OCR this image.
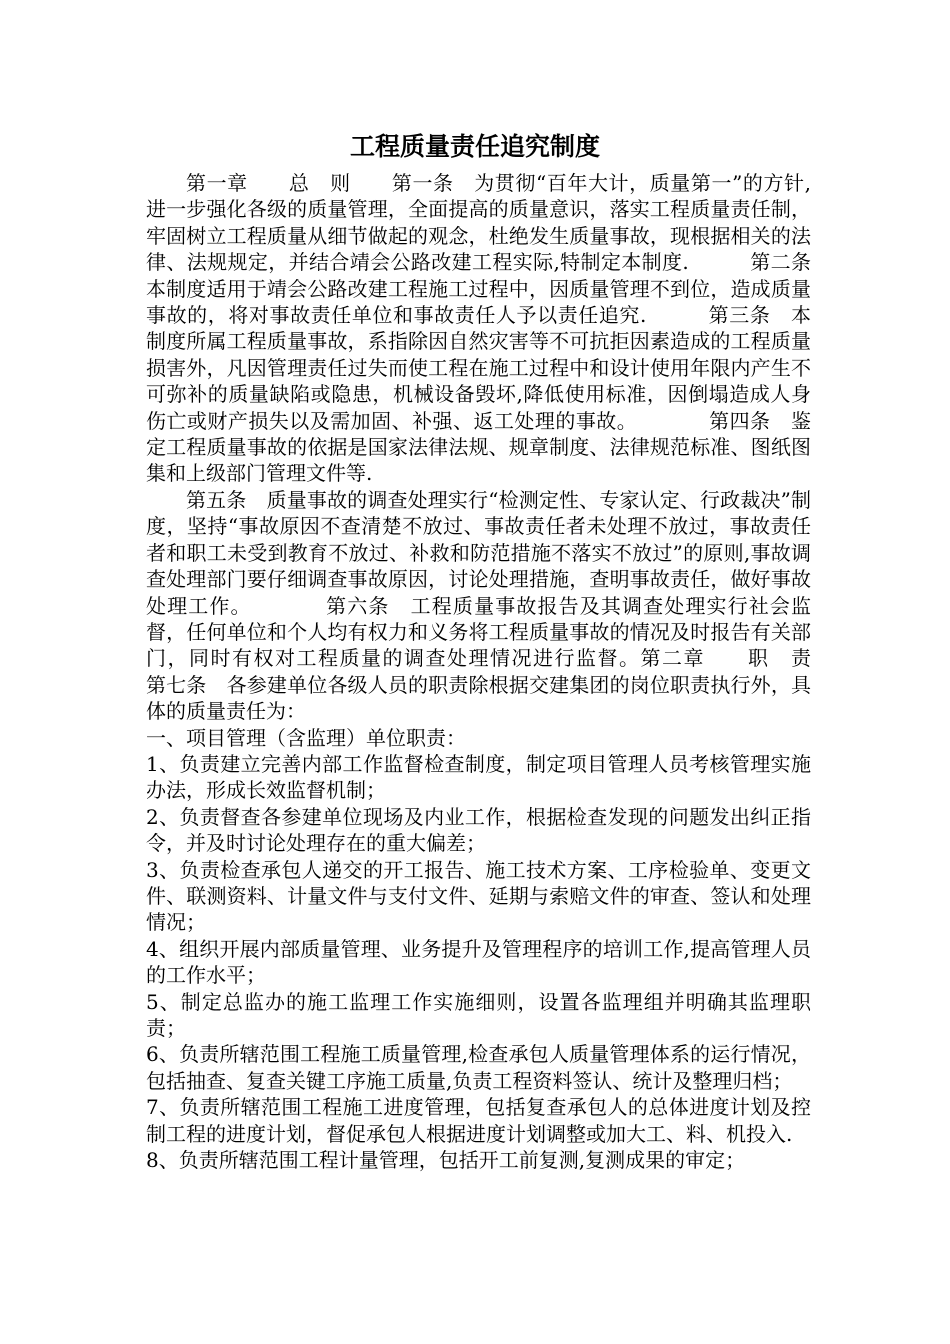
工程质量责任追究制度

第一章　　总　则　　第一条　为贯彻“百年大计，质量第一”的方针,进一步强化各级的质量管理，全面提高的质量意识，落实工程质量责任制，牢固树立工程质量从细节做起的观念，杜绝发生质量事故，现根据相关的法律、法规规定，并结合靖会公路改建工程实际,特制定本制度.　　　第二条　本制度适用于靖会公路改建工程施工过程中，因质量管理不到位，造成质量事故的，将对事故责任单位和事故责任人予以责任追究.　　　第三条　本制度所属工程质量事故，系指除因自然灾害等不可抗拒因素造成的工程质量损害外，凡因管理责任过失而使工程在施工过程中和设计使用年限内产生不可弥补的质量缺陷或隐患，机械设备毁坏,降低使用标准，因倒塌造成人身伤亡或财产损失以及需加固、补强、返工处理的事故。　　　　第四条　鉴定工程质量事故的依据是国家法律法规、规章制度、法律规范标准、图纸图集和上级部门管理文件等.

第五条　质量事故的调查处理实行“检测定性、专家认定、行政裁决”制度，坚持“事故原因不查清楚不放过、事故责任者未处理不放过，事故责任者和职工未受到教育不放过、补救和防范措施不落实不放过”的原则,事故调查处理部门要仔细调查事故原因，讨论处理措施，查明事故责任，做好事故处理工作。　　　　第六条　工程质量事故报告及其调查处理实行社会监督，任何单位和个人均有权力和义务将工程质量事故的情况及时报告有关部门，同时有权对工程质量的调查处理情况进行监督。第二章　　职　责　　　　第七条　各参建单位各级人员的职责除根据交建集团的岗位职责执行外，具体的质量责任为：

一、项目管理（含监理）单位职责：

1、负责建立完善内部工作监督检查制度，制定项目管理人员考核管理实施办法，形成长效监督机制；

2、负责督查各参建单位现场及内业工作，根据检查发现的问题发出纠正指令，并及时讨论处理存在的重大偏差；

3、负责检查承包人递交的开工报告、施工技术方案、工序检验单、变更文件、联测资料、计量文件与支付文件、延期与索赔文件的审查、签认和处理情况；

4、组织开展内部质量管理、业务提升及管理程序的培训工作,提高管理人员的工作水平；

5、制定总监办的施工监理工作实施细则，设置各监理组并明确其监理职责；

6、负责所辖范围工程施工质量管理,检查承包人质量管理体系的运行情况，包括抽查、复查关键工序施工质量,负责工程资料签认、统计及整理归档；

7、负责所辖范围工程施工进度管理，包括复查承包人的总体进度计划及控制工程的进度计划，督促承包人根据进度计划调整或加大工、料、机投入.

8、负责所辖范围工程计量管理，包括开工前复测,复测成果的审定；
